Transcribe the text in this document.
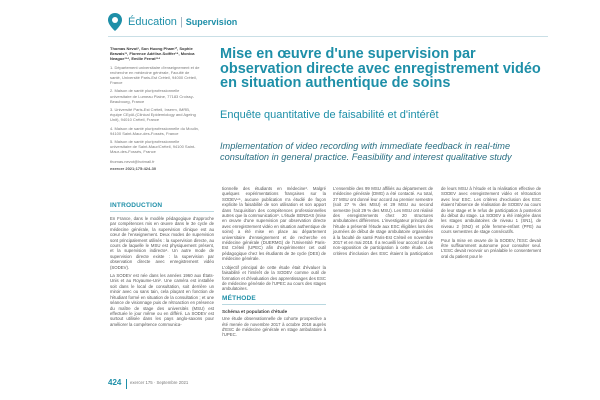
Éducation | Supervision
Thomas Nevot¹, Son Huong Pham¹², Sophie Bravais¹³, Florence Adélise-Soiffer¹⁴, Monica Neagoe¹³⁴, Emilie Ferrat¹³⁴
1. Département universitaire d'enseignement et de recherche en médecine générale, Faculté de santé, Université Paris-Est Créteil, 94000 Créteil, France
2. Maison de santé pluriprofessionnelle universitaire de Lumeau Plaine, 77183 Croissy-Beaubourg, France
3. Université Paris-Est Créteil, Inserm, IMRB, équipe CEpiA (Clinical Epidemiology and Ageing Unit), 94010 Créteil, France
4. Maison de santé pluriprofessionnelle du Moulin, 94100 Saint-Maur-des-Fossés, France
5. Maison de santé pluriprofessionnelle universitaire de Saint-Maur/Créteil, 94100 Saint-Maur-des-Fossés, France
thomas.nevot@hotmail.fr
exercer 2021;175:424-30
Mise en œuvre d'une supervision par observation directe avec enregistrement vidéo en situation authentique de soins
Enquête quantitative de faisabilité et d'intérêt
Implementation of video recording with immediate feedback in real-time consultation in general practice. Feasibility and interest qualitative study
INTRODUCTION
En France, dans le modèle pédagogique d'approche par compétences mis en œuvre dans le 3e cycle de médecine générale, la supervision clinique est au cœur de l'enseignement. Deux modes de supervision sont principalement utilisés : la supervision directe, au cours de laquelle le MSU est physiquement présent, et la supervision indirecte¹. Un autre mode de supervision directe existe : la supervision par observation directe avec enregistrement vidéo (SODEV).
La SODEV est née dans les années 1960 aux États-Unis et au Royaume-Uni². Une caméra est installée soit dans le local de consultation, soit derrière un miroir avec ou sans tain, cela plaçant en fonction de l'étudiant formé en situation de la consultation ; et une séance de visionnage puis de rétroaction en présence du maître de stage des universités (MSU) est effectuée le jour même ou en différé. La SODEV est surtout utilisée dans les pays anglo-saxons pour améliorer la compétence communica-
tionnelle des étudiants en médecine³. Malgré quelques expérimentations françaises sur la SODEV⁴⁵, aucune publication n'a étudié de façon explicite la faisabilité de son utilisation et son apport dans l'acquisition des compétences professionnelles autres que la communication⁶. L'étude SENDAS (mise en œuvre d'une supervision par observation directe avec enregistrement vidéo en situation authentique de soins) a été mise en place au département universitaire d'enseignement et de recherche en médecine générale (DUERMG) de l'Université Paris-Est Créteil (UPEC) afin d'expérimenter cet outil pédagogique chez les étudiants de 3e cycle (DES) de médecine générale.
L'objectif principal de cette étude était d'évaluer la faisabilité et l'intérêt de la SODEV comme outil de formation et d'évaluation des apprentissages des ESC de médecine générale de l'UPEC au cours des stages ambulatoires.
MÉTHODE
Schéma et population d'étude
Une étude observationnelle de cohorte prospective a été menée de novembre 2017 à octobre 2018 auprès d'ESC de médecine générale en stage ambulatoire à l'UPEC.
L'ensemble des 99 MSU affiliés au département de médecine générale (DMG) a été contacté. Au total, 27 MSU ont donné leur accord au premier semestre (soit 27 % des MSU) et 29 MSU au second semestre (soit 29 % des MSU). Les MSU ont réalisé des enregistrements chez 20 structures ambulatoires différentes. L'investigateur principal de l'étude a présenté l'étude aux ESC éligibles lors des journées de début de stage ambulatoire organisées à la faculté de santé Paris-Est Créteil en novembre 2017 et en mai 2018. Il a recueilli leur accord oral de non-opposition de participation à cette étude. Les critères d'inclusion des ESC étaient la participation de leurs MSU à l'étude et la réalisation effective de SODEV avec enregistrement vidéo et rétroaction avec leur ESC. Les critères d'exclusion des ESC étaient l'absence de réalisation de SODEV au cours de leur stage et le refus de participation à posteriori du début du stage. La SODEV a été intégrée dans les stages ambulatoires de niveau 1 (SN1), de niveau 2 (SN2) et pôle femme-enfant (PFE) au cours semestres de stage consécutifs.
Pour la mise en œuvre de la SODEV, l'ESC devait être suffisamment autonome pour consulter seul. L'ESC devait recevoir un préalable le consentement oral du patient pour le
424 exercer 175 · Septembre 2021
